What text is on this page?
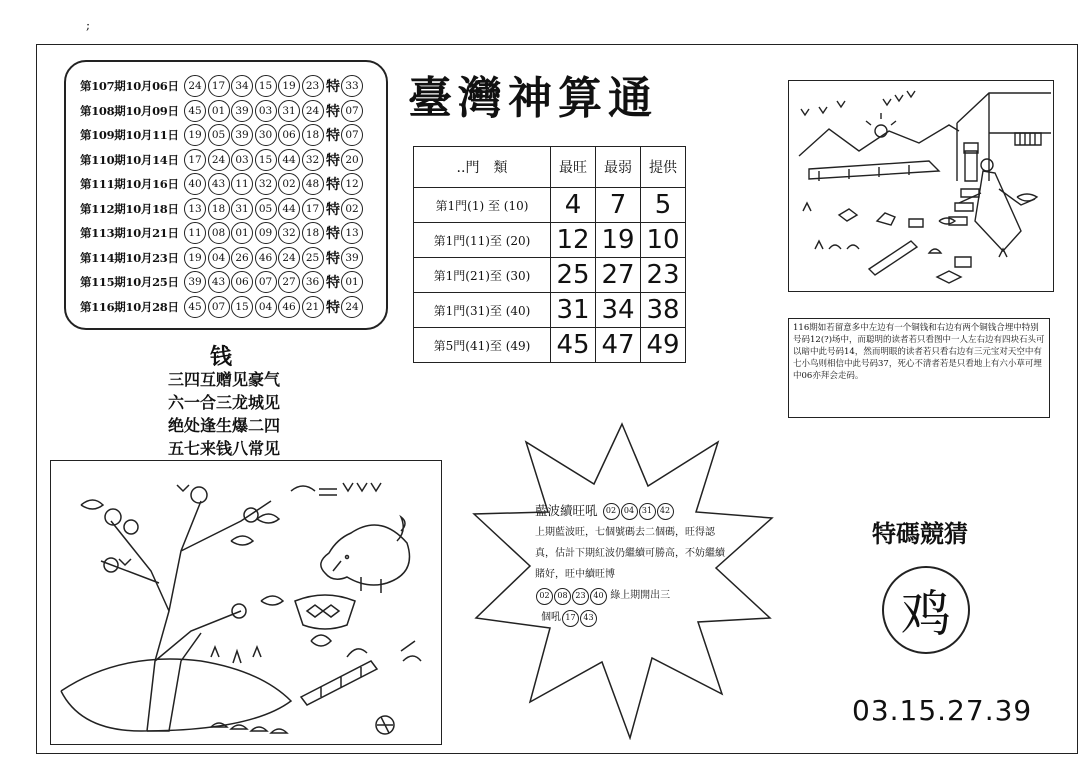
;
第107期10月06日 24 17 34 15 19 23 特 33
第108期10月09日 45 01 39 03 31 24 特 07
第109期10月11日 19 05 39 30 06 18 特 07
第110期10月14日 17 24 03 15 44 32 特 20
第111期10月16日 40 43 11 32 02 48 特 12
第112期10月18日 13 18 31 05 44 17 特 02
第113期10月21日 11 08 01 09 32 18 特 13
第114期10月23日 19 04 26 46 24 25 特 39
第115期10月25日 39 43 06 07 27 36 特 01
第116期10月28日 45 07 15 04 46 21 特 24
臺灣神算通
..門　類	最旺	最弱	提供
第1門(1) 至 (10)	4	7	5
第1門(11)至 (20)	12	19	10
第1門(21)至 (30)	25	27	23
第1門(31)至 (40)	31	34	38
第5門(41)至 (49)	45	47	49
钱
三四互赠见豪气
六一合三龙城见
绝处逢生爆二四
五七来钱八常见
116期如若留意多中左边有一个铜钱和右边有两个铜钱合埋中特别号码12(?)场中，而聪明的读者若只看图中一人左右边有四块石头可以暗中此号码14，然而明眼的读者若只看右边有三元宝对天空中有七小鸟则相信中此号码37，死心不清者若是只看地上有六小草可埋中06亦拜会走码。
藍波續旺吼
	02 04 31 42
上期藍波旺，七個號碼去二個碼，旺得認真，估計下期紅波仍繼續可勝高，不妨繼續賭好，旺中續旺博
02 08 23 40
綠上期開出三
個吼 17 43
特碼競猜
鸡
03.15.27.39
